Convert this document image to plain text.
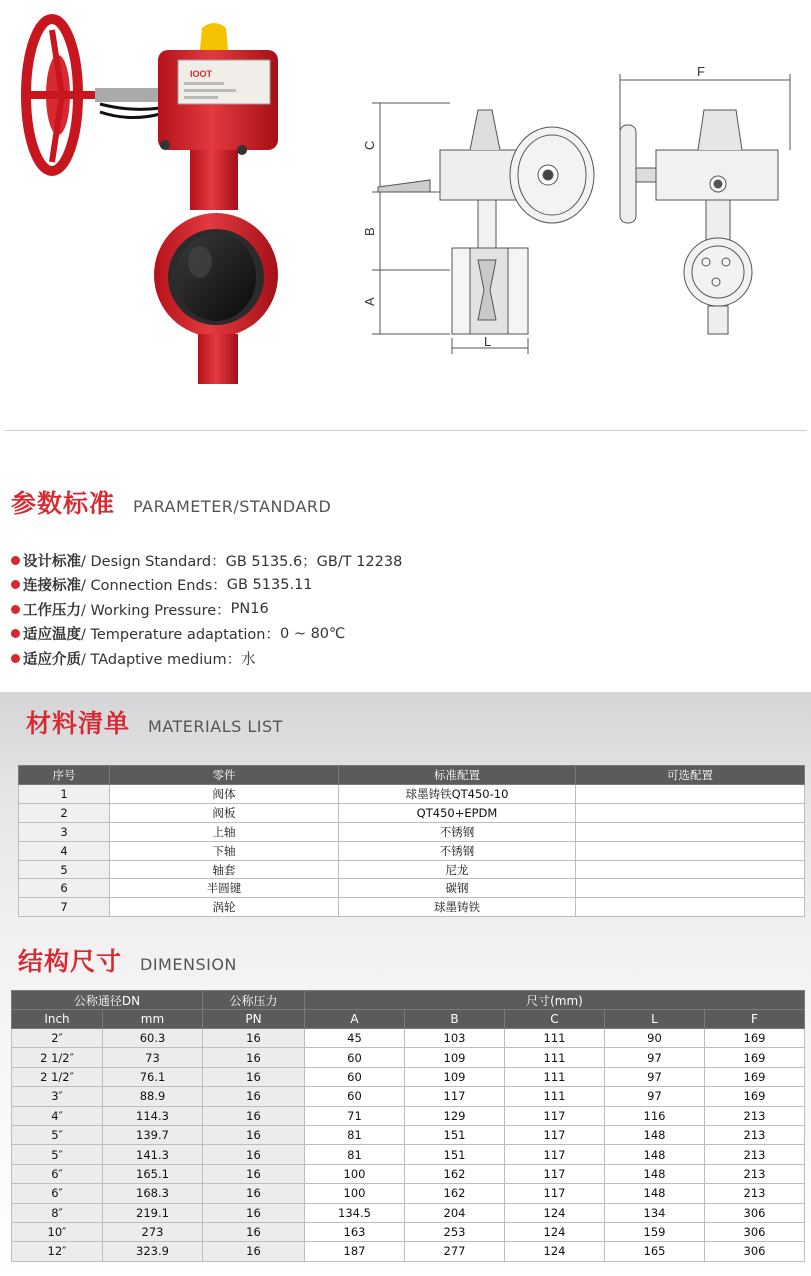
IOOT
C
B
A
L
F
参数标准 PARAMETER/STANDARD
设计标准 / Design Standard： GB 5135.6；GB/T 12238
连接标准 / Connection Ends： GB 5135.11
工作压力 / Working Pressure： PN16
适应温度 / Temperature adaptation： 0 ~ 80℃
适应介质 / TAdaptive medium： 水
材料清单 MATERIALS LIST
序号	零件	标准配置	可选配置
1	阀体	球墨铸铁QT450-10	
2	阀板	QT450+EPDM	
3	上轴	不锈钢	
4	下轴	不锈钢	
5	轴套	尼龙	
6	半圆键	碳钢	
7	涡轮	球墨铸铁	
结构尺寸 DIMENSION
公称通径DN		公称压力	尺寸(mm)				
Inch	mm	PN	A	B	C	L	F
2″	60.3	16	45	103	111	90	169
2 1/2″	73	16	60	109	111	97	169
2 1/2″	76.1	16	60	109	111	97	169
3″	88.9	16	60	117	111	97	169
4″	114.3	16	71	129	117	116	213
5″	139.7	16	81	151	117	148	213
5″	141.3	16	81	151	117	148	213
6″	165.1	16	100	162	117	148	213
6″	168.3	16	100	162	117	148	213
8″	219.1	16	134.5	204	124	134	306
10″	273	16	163	253	124	159	306
12″	323.9	16	187	277	124	165	306
